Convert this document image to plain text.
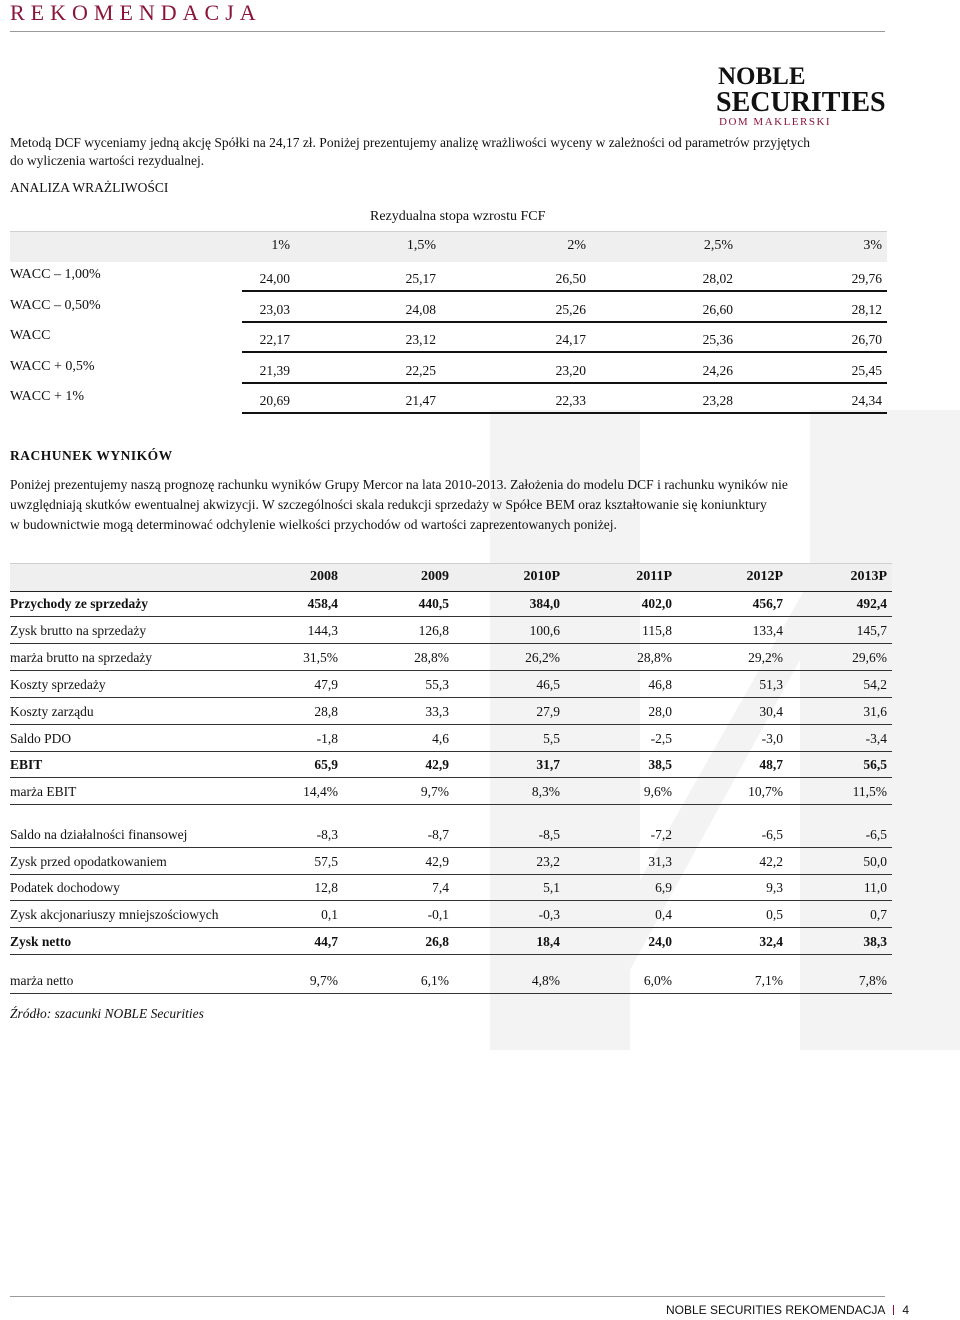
REKOMENDACJA
NOBLE
SECURITIES
DOM MAKLERSKI
Metodą DCF wyceniamy jedną akcję Spółki na 24,17 zł. Poniżej prezentujemy analizę wrażliwości wyceny w zależności od parametrów przyjętych
do wyliczenia wartości rezydualnej.
ANALIZA WRAŻLIWOŚCI
Rezydualna stopa wzrostu FCF
1%	1,5%	2%	2,5%	3%
WACC – 1,00%	24,00	25,17	26,50	28,02	29,76
WACC – 0,50%	23,03	24,08	25,26	26,60	28,12
WACC	22,17	23,12	24,17	25,36	26,70
WACC + 0,5%	21,39	22,25	23,20	24,26	25,45
WACC + 1%	20,69	21,47	22,33	23,28	24,34
RACHUNEK WYNIKÓW
Poniżej prezentujemy naszą prognozę rachunku wyników Grupy Mercor na lata 2010-2013. Założenia do modelu DCF i rachunku wyników nie
uwzględniają skutków ewentualnej akwizycji. W szczególności skala redukcji sprzedaży w Spółce BEM oraz kształtowanie się koniunktury
w budownictwie mogą determinować odchylenie wielkości przychodów od wartości zaprezentowanych poniżej.
2008	2009	2010P	2011P	2012P	2013P
Przychody ze sprzedaży	458,4	440,5	384,0	402,0	456,7	492,4
Zysk brutto na sprzedaży	144,3	126,8	100,6	115,8	133,4	145,7
marża brutto na sprzedaży	31,5%	28,8%	26,2%	28,8%	29,2%	29,6%
Koszty sprzedaży	47,9	55,3	46,5	46,8	51,3	54,2
Koszty zarządu	28,8	33,3	27,9	28,0	30,4	31,6
Saldo PDO	-1,8	4,6	5,5	-2,5	-3,0	-3,4
EBIT	65,9	42,9	31,7	38,5	48,7	56,5
marża EBIT	14,4%	9,7%	8,3%	9,6%	10,7%	11,5%
Saldo na działalności finansowej	-8,3	-8,7	-8,5	-7,2	-6,5	-6,5
Zysk przed opodatkowaniem	57,5	42,9	23,2	31,3	42,2	50,0
Podatek dochodowy	12,8	7,4	5,1	6,9	9,3	11,0
Zysk akcjonariuszy mniejszościowych	0,1	-0,1	-0,3	0,4	0,5	0,7
Zysk netto	44,7	26,8	18,4	24,0	32,4	38,3
marża netto	9,7%	6,1%	4,8%	6,0%	7,1%	7,8%
Źródło: szacunki NOBLE Securities
NOBLE SECURITIES REKOMENDACJA 4
